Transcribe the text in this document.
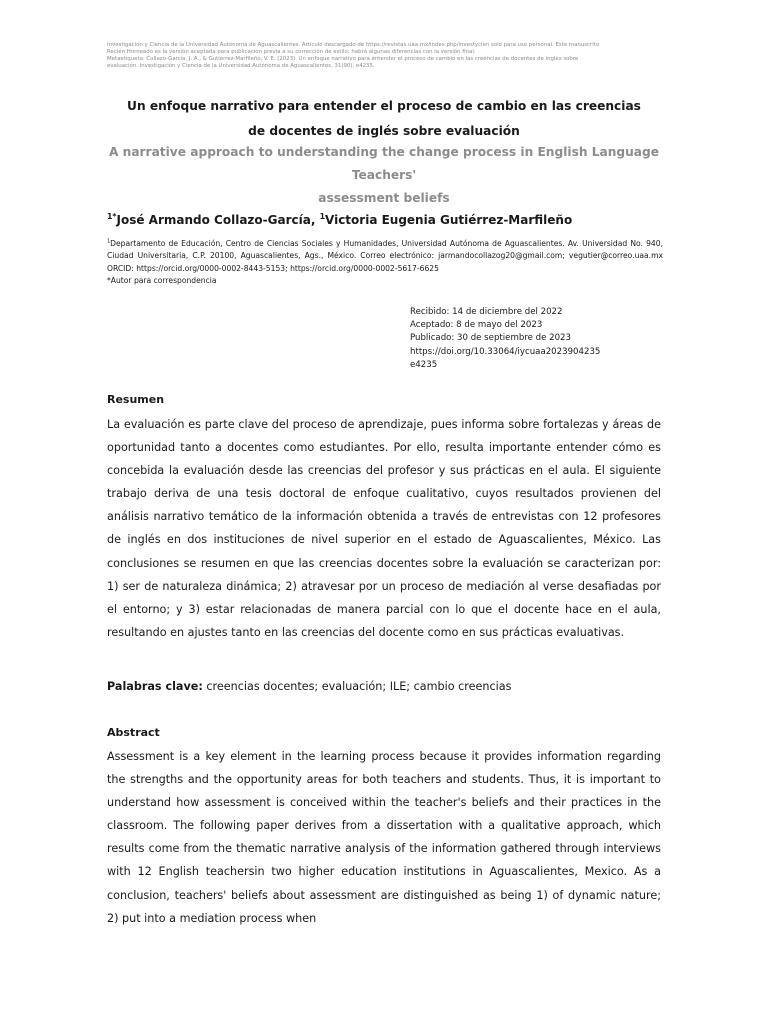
Investigación y Ciencia de la Universidad Autónoma de Aguascalientes. Artículo descargado de https://revistas.uaa.mx/index.php/investycien solo para uso personal. Este manuscrito

Recién Horneado es la versión aceptada para publicación previa a su corrección de estilo; habrá algunas diferencias con la versión final.

Metaetiqueta: Collazo-García, J. A., & Gutiérrez-Marfileño, V. E. (2023). Un enfoque narrativo para entender el proceso de cambio en las creencias de docentes de inglés sobre

evaluación. Investigación y Ciencia de la Universidad Autónoma de Aguascalientes, 31(90), e4235.

Un enfoque narrativo para entender el proceso de cambio en las creencias
de docentes de inglés sobre evaluación
A narrative approach to understanding the change process in English Language Teachers'
assessment beliefs
$^{1*}$José Armando Collazo-García, $^1$Victoria Eugenia Gutiérrez-Marfileño

$^1$Departamento de Educación, Centro de Ciencias Sociales y Humanidades, Universidad Autónoma de Aguascalientes. Av. Universidad No. 940, Ciudad Universitaria, C.P. 20100, Aguascalientes, Ags., México. Correo electrónico: jarmandocollazog20@gmail.com; vegutier@correo.uaa.mx ORCID: https://orcid.org/0000-0002-8443-5153; https://orcid.org/0000-0002-5617-6625

*Autor para correspondencia

Recibido: 14 de diciembre del 2022
Aceptado: 8 de mayo del 2023
Publicado: 30 de septiembre de 2023
https://doi.org/10.33064/iycuaa2023904235
e4235
Resumen

La evaluación es parte clave del proceso de aprendizaje, pues informa sobre fortalezas y áreas de oportunidad tanto a docentes como estudiantes. Por ello, resulta importante entender cómo es concebida la evaluación desde las creencias del profesor y sus prácticas en el aula. El siguiente trabajo deriva de una tesis doctoral de enfoque cualitativo, cuyos resultados provienen del análisis narrativo temático de la información obtenida a través de entrevistas con 12 profesores de inglés en dos instituciones de nivel superior en el estado de Aguascalientes, México. Las conclusiones se resumen en que las creencias docentes sobre la evaluación se caracterizan por: 1) ser de naturaleza dinámica; 2) atravesar por un proceso de mediación al verse desafiadas por el entorno; y 3) estar relacionadas de manera parcial con lo que el docente hace en el aula, resultando en ajustes tanto en las creencias del docente como en sus prácticas evaluativas.

Palabras clave: creencias docentes; evaluación; ILE; cambio creencias
Abstract

Assessment is a key element in the learning process because it provides information regarding the strengths and the opportunity areas for both teachers and students. Thus, it is important to understand how assessment is conceived within the teacher's beliefs and their practices in the classroom. The following paper derives from a dissertation with a qualitative approach, which results come from the thematic narrative analysis of the information gathered through interviews with 12 English teachersin two higher education institutions in Aguascalientes, Mexico. As a conclusion, teachers' beliefs about assessment are distinguished as being 1) of dynamic nature; 2) put into a mediation process when
